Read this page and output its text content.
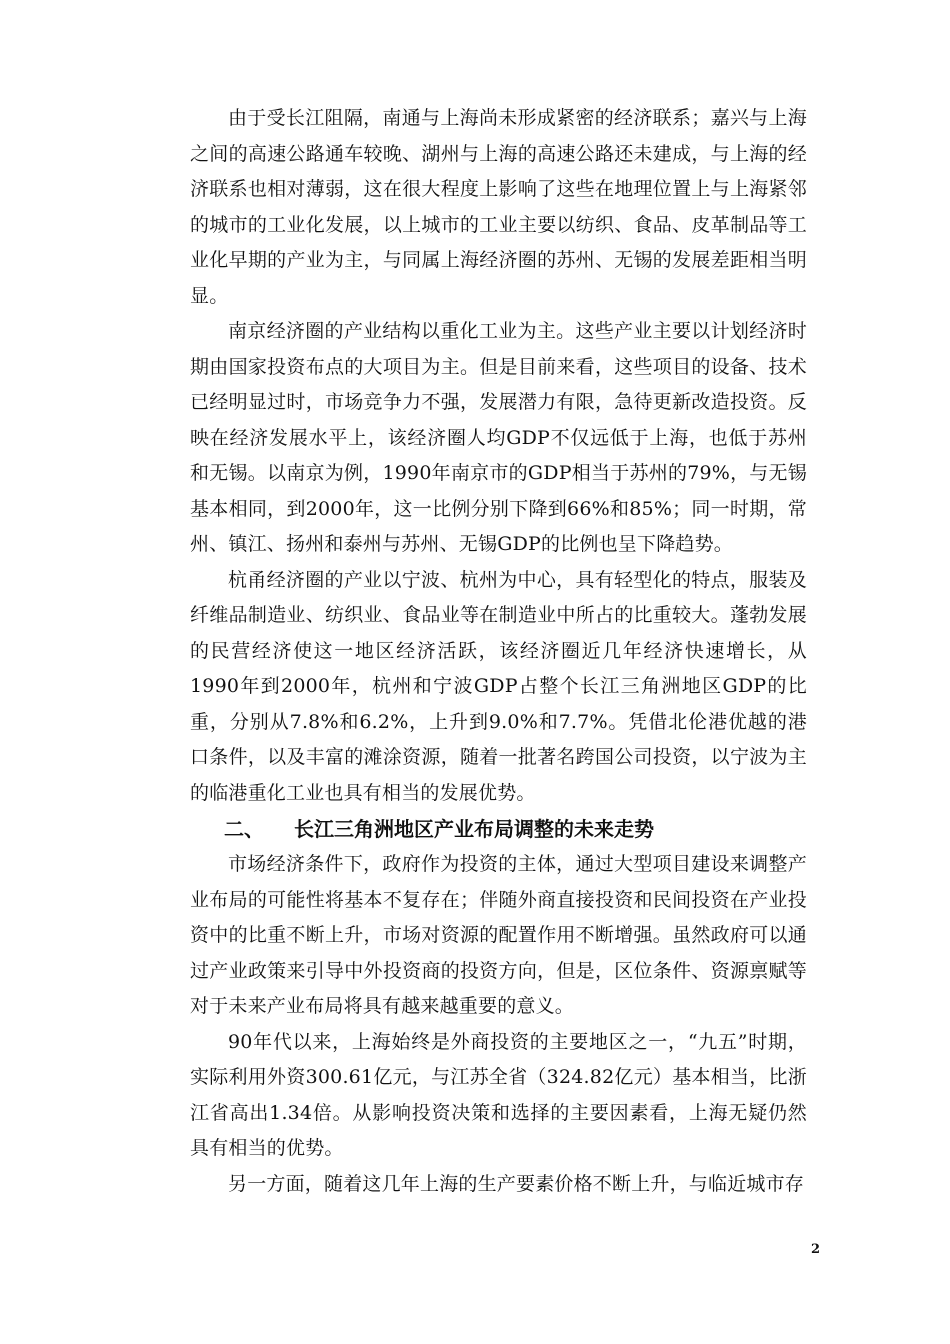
由于受长江阻隔，南通与上海尚未形成紧密的经济联系；嘉兴与上海之间的高速公路通车较晚、湖州与上海的高速公路还未建成，与上海的经济联系也相对薄弱，这在很大程度上影响了这些在地理位置上与上海紧邻的城市的工业化发展，以上城市的工业主要以纺织、食品、皮革制品等工业化早期的产业为主，与同属上海经济圈的苏州、无锡的发展差距相当明显。

南京经济圈的产业结构以重化工业为主。这些产业主要以计划经济时期由国家投资布点的大项目为主。但是目前来看，这些项目的设备、技术已经明显过时，市场竞争力不强，发展潜力有限，急待更新改造投资。反映在经济发展水平上，该经济圈人均GDP不仅远低于上海，也低于苏州和无锡。以南京为例，1990年南京市的GDP相当于苏州的79%，与无锡基本相同，到2000年，这一比例分别下降到66%和85%；同一时期，常州、镇江、扬州和泰州与苏州、无锡GDP的比例也呈下降趋势。

杭甬经济圈的产业以宁波、杭州为中心，具有轻型化的特点，服装及纤维品制造业、纺织业、食品业等在制造业中所占的比重较大。蓬勃发展的民营经济使这一地区经济活跃，该经济圈近几年经济快速增长，从1990年到2000年，杭州和宁波GDP占整个长江三角洲地区GDP的比重，分别从7.8%和6.2%，上升到9.0%和7.7%。凭借北伦港优越的港口条件，以及丰富的滩涂资源，随着一批著名跨国公司投资，以宁波为主的临港重化工业也具有相当的发展优势。

二、 长江三角洲地区产业布局调整的未来走势

市场经济条件下，政府作为投资的主体，通过大型项目建设来调整产业布局的可能性将基本不复存在；伴随外商直接投资和民间投资在产业投资中的比重不断上升，市场对资源的配置作用不断增强。虽然政府可以通过产业政策来引导中外投资商的投资方向，但是，区位条件、资源禀赋等对于未来产业布局将具有越来越重要的意义。

90年代以来，上海始终是外商投资的主要地区之一，“九五”时期，实际利用外资300.61亿元，与江苏全省（324.82亿元）基本相当，比浙江省高出1.34倍。从影响投资决策和选择的主要因素看，上海无疑仍然具有相当的优势。

另一方面，随着这几年上海的生产要素价格不断上升，与临近城市存

2
